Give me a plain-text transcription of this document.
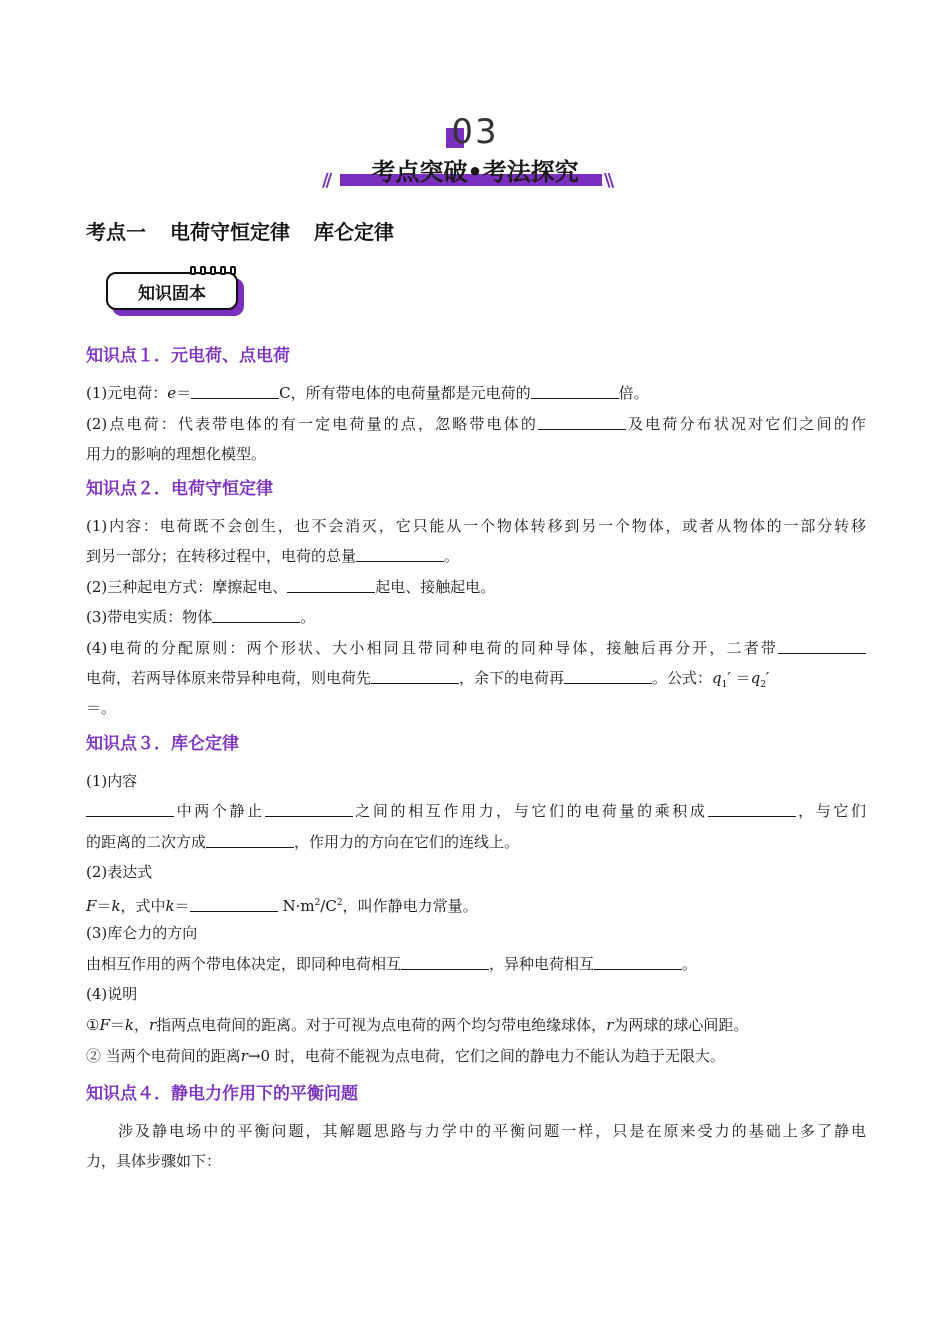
03
//	考点突破•考法探究	\\
考点一 电荷守恒定律 库仑定律
知识固本
知识点１．元电荷、点电荷
(1)元电荷：e＝	C，所有带电体的电荷量都是元电荷的	倍。
(2)点电荷：代表带电体的有一定电荷量的点，忽略带电体的	及电荷分布状况对它们之间的作
用力的影响的理想化模型。
知识点２．电荷守恒定律
(1)内容：电荷既不会创生，也不会消灭，它只能从一个物体转移到另一个物体，或者从物体的一部分转移
到另一部分；在转移过程中，电荷的总量	。
(2)三种起电方式：摩擦起电、	起电、接触起电。
(3)带电实质：物体	。
(4)电荷的分配原则：两个形状、大小相同且带同种电荷的同种导体，接触后再分开，二者带
电荷，若两导体原来带异种电荷，则电荷先	，余下的电荷再	。公式：$q_1' =q_2'$
＝。
知识点３．库仑定律
(1)内容
中两个静止	之间的相互作用力，与它们的电荷量的乘积成	，与它们
的距离的二次方成	，作用力的方向在它们的连线上。
(2)表达式
F＝k，式中k＝	$N\cdot m^2/C^2$，叫作静电力常量。
(3)库仑力的方向
由相互作用的两个带电体决定，即同种电荷相互	，异种电荷相互	。
(4)说明
①F＝k，r指两点电荷间的距离。对于可视为点电荷的两个均匀带电绝缘球体，r为两球的球心间距。
② 当两个电荷间的距离r→0 时，电荷不能视为点电荷，它们之间的静电力不能认为趋于无限大。
知识点４．静电力作用下的平衡问题
涉及静电场中的平衡问题，其解题思路与力学中的平衡问题一样，只是在原来受力的基础上多了静电
力，具体步骤如下：
